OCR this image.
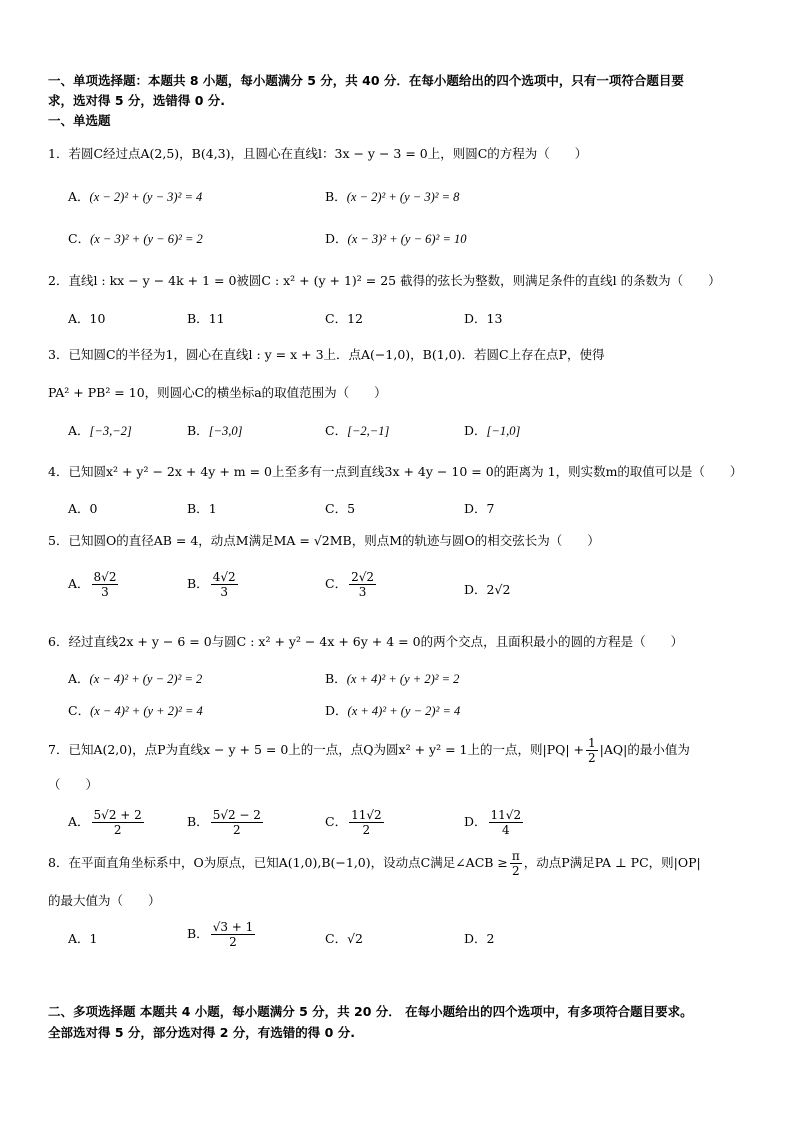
一、单项选择题：本题共 8 小题，每小题满分 5 分，共 40 分．在每小题给出的四个选项中，只有一项符合题目要
求，选对得 5 分，选错得 0 分.
一、单选题
1．若圆C经过点A(2,5)，B(4,3)，且圆心在直线l：3x − y − 3 = 0上，则圆C的方程为（　　）
A．(x − 2)² + (y − 3)² = 4	B．(x − 2)² + (y − 3)² = 8
C．(x − 3)² + (y − 6)² = 2	D．(x − 3)² + (y − 6)² = 10
2．直线l : kx − y − 4k + 1 = 0被圆C : x² + (y + 1)² = 25 截得的弦长为整数，则满足条件的直线l 的条数为（　　）
A．10	B．11	C．12	D．13
3．已知圆C的半径为1，圆心在直线l : y = x + 3上．点A(−1,0)，B(1,0)．若圆C上存在点P，使得
PA² + PB² = 10，则圆心C的横坐标a的取值范围为（　　）
A．[−3,−2]	B．[−3,0]	C．[−2,−1]	D．[−1,0]
4．已知圆x² + y² − 2x + 4y + m = 0上至多有一点到直线3x + 4y − 10 = 0的距离为 1，则实数m的取值可以是（　　）
A．0	B．1	C．5	D．7
5．已知圆O的直径AB = 4，动点M满足MA = √2MB，则点M的轨迹与圆O的相交弦长为（　　）
A． $\frac{8√2}{3}$	B． $\frac{4√2}{3}$	C． $\frac{2√2}{3}$	D．2√2
6．经过直线2x + y − 6 = 0与圆C : x² + y² − 4x + 6y + 4 = 0的两个交点，且面积最小的圆的方程是（　　）
A．(x − 4)² + (y − 2)² = 2	B．(x + 4)² + (y + 2)² = 2
C．(x − 4)² + (y + 2)² = 4	D．(x + 4)² + (y − 2)² = 4
7．已知A(2,0)，点P为直线x − y + 5 = 0上的一点，点Q为圆x² + y² = 1上的一点，则$|PQ| + \frac{1}{2} |AQ|$的最小值为
（　　）
A． $\frac{5√2 + 2}{2}$	B． $\frac{5√2 - 2}{2}$	C． $\frac{11√2}{2}$	D． $\frac{11√2}{4}$
8．在平面直角坐标系中，O为原点，已知A(1,0),B(−1,0)，设动点C满足∠ACB ≥ $\frac{\pi}{2}$ ，动点P满足PA ⊥ PC，则|OP|
的最大值为（　　）
A．1	B． $\frac{√3 + 1}{2}$	C．√2	D．2
二、多项选择题 本题共 4 小题，每小题满分 5 分，共 20 分． 在每小题给出的四个选项中，有多项符合题目要求。
全部选对得 5 分，部分选对得 2 分，有选错的得 0 分.
